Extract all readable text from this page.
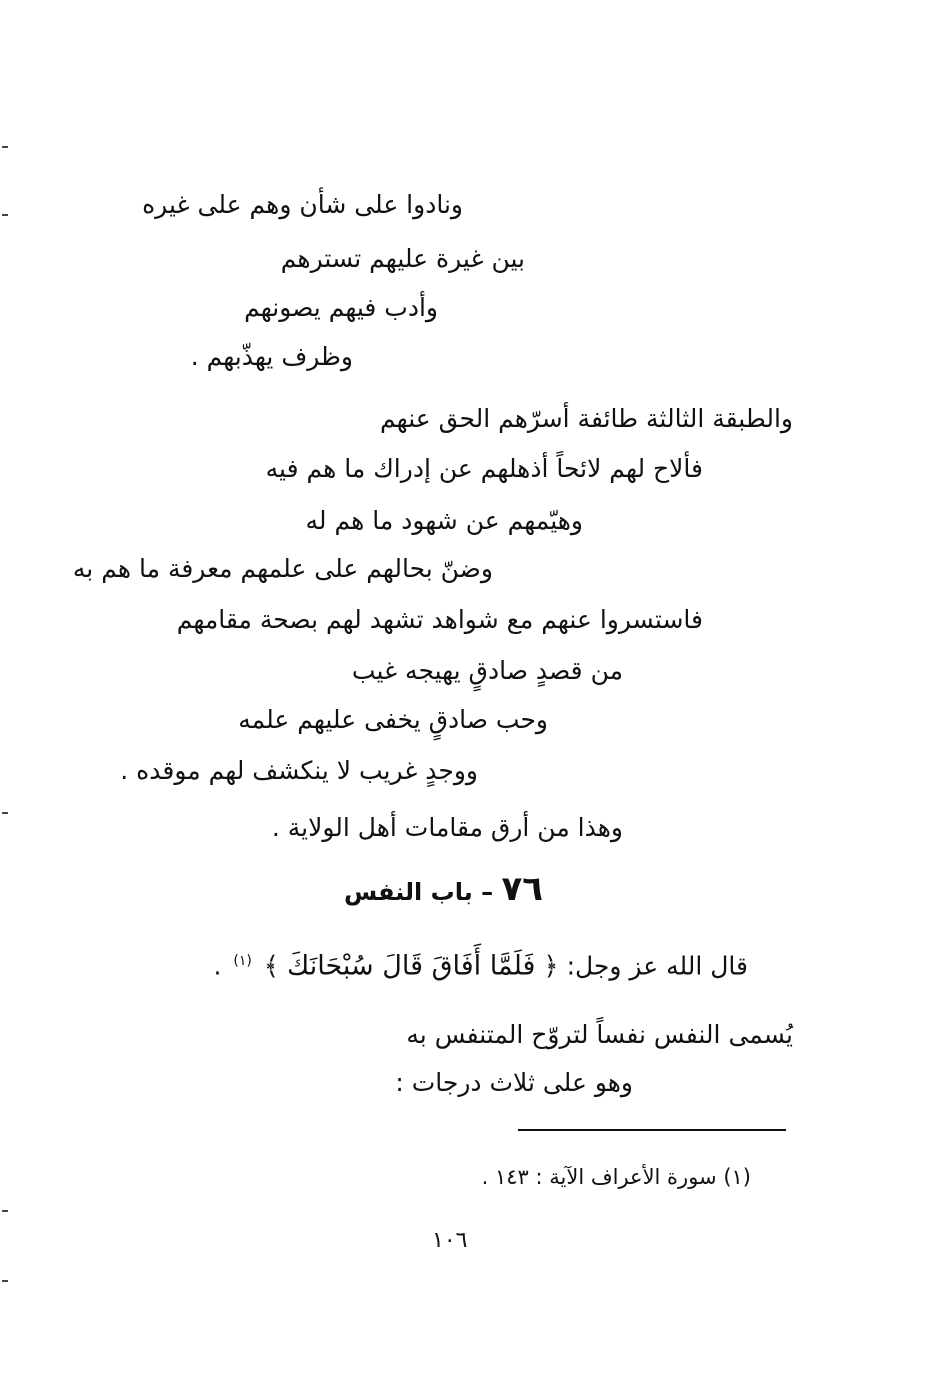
ونادوا على شأن وهم على غيره
بين غيرة عليهم تسترهم
وأدب فيهم يصونهم
وظرف يهذّبهم .
والطبقة الثالثة طائفة أسرّهم الحق عنهم
فألاح لهم لائحاً أذهلهم عن إدراك ما هم فيه
وهيّمهم عن شهود ما هم له
وضنّ بحالهم على علمهم معرفة ما هم به
فاستسروا عنهم مع شواهد تشهد لهم بصحة مقامهم
من قصدٍ صادقٍ يهيجه غيب
وحب صادقٍ يخفى عليهم علمه
ووجدٍ غريب لا ينكشف لهم موقده .
وهذا من أرق مقامات أهل الولاية .
٧٦ – باب النفس
قال الله عز وجل: ﴿ فَلَمَّا أَفَاقَ قَالَ سُبْحَانَكَ ﴾ $^{(١)}$ .
يُسمى النفس نفساً لتروّح المتنفس به
وهو على ثلاث درجات :
(١) سورة الأعراف الآية : ١٤٣ .
١٠٦
